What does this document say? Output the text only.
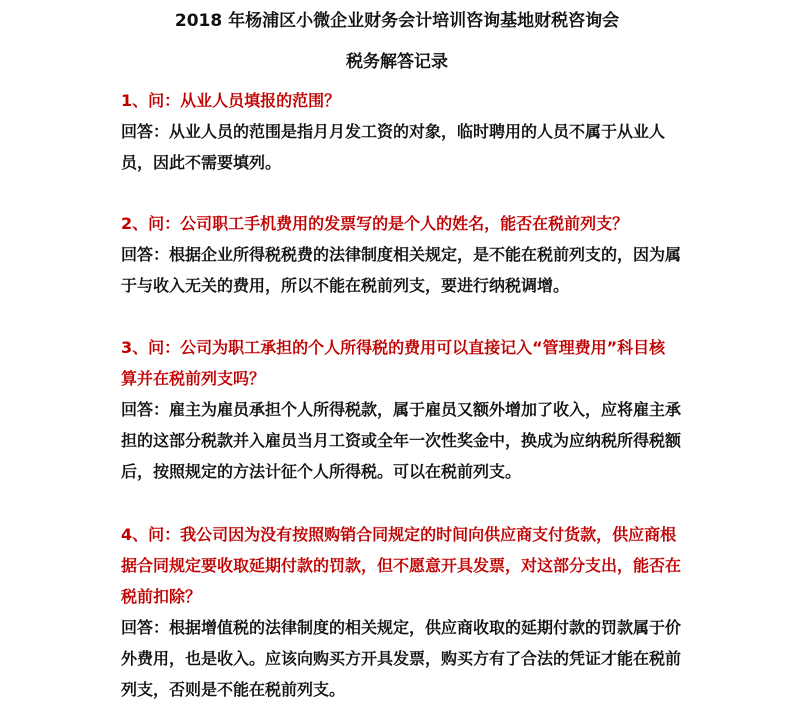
2018 年杨浦区小微企业财务会计培训咨询基地财税咨询会
税务解答记录

1、问：从业人员填报的范围？

回答：从业人员的范围是指月月发工资的对象，临时聘用的人员不属于从业人员，因此不需要填列。

2、问：公司职工手机费用的发票写的是个人的姓名，能否在税前列支？

回答：根据企业所得税税费的法律制度相关规定，是不能在税前列支的，因为属于与收入无关的费用，所以不能在税前列支，要进行纳税调增。

3、问：公司为职工承担的个人所得税的费用可以直接记入“管理费用”科目核算并在税前列支吗？

回答：雇主为雇员承担个人所得税款，属于雇员又额外增加了收入，应将雇主承担的这部分税款并入雇员当月工资或全年一次性奖金中，换成为应纳税所得税额后，按照规定的方法计征个人所得税。可以在税前列支。

4、问：我公司因为没有按照购销合同规定的时间向供应商支付货款，供应商根据合同规定要收取延期付款的罚款，但不愿意开具发票，对这部分支出，能否在税前扣除？

回答：根据增值税的法律制度的相关规定，供应商收取的延期付款的罚款属于价外费用，也是收入。应该向购买方开具发票，购买方有了合法的凭证才能在税前列支，否则是不能在税前列支。
